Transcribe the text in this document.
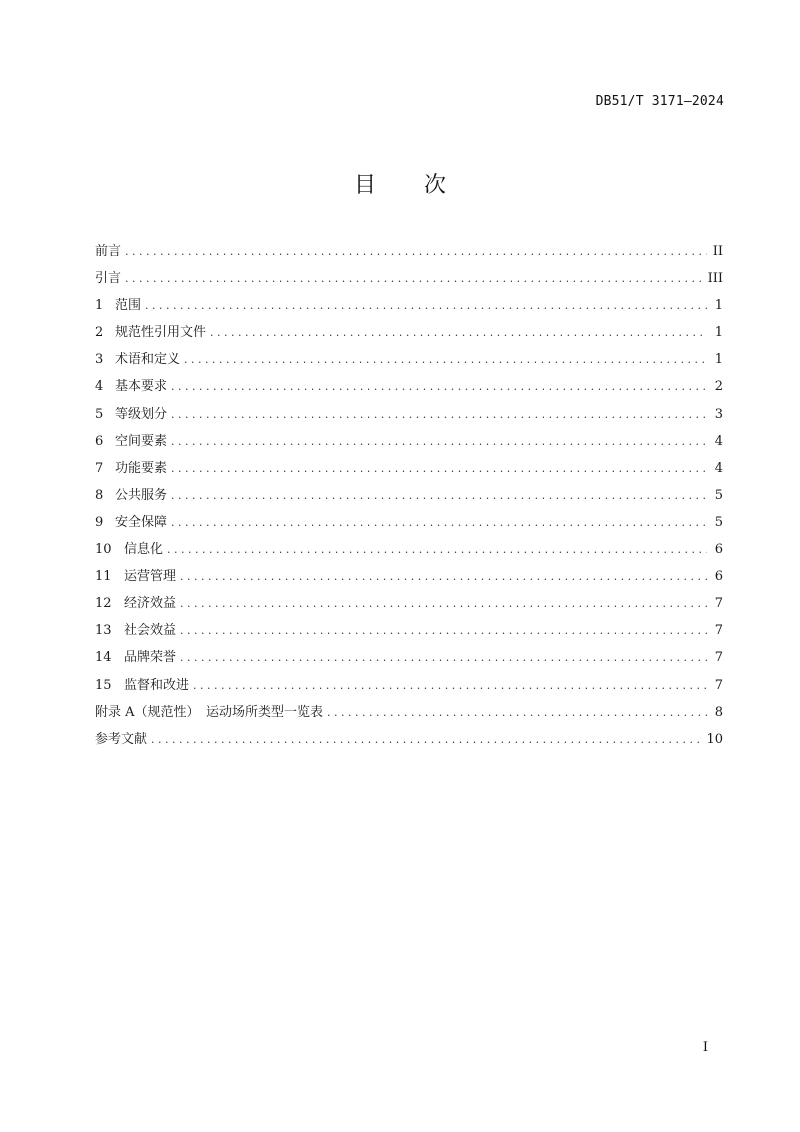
DB51/T 3171—2024
目 次
前言 . . .	II
引言 . . .	III
1 范围 . . .	1
2 规范性引用文件 . . .	1
3 术语和定义 . . .	1
4 基本要求 . . .	2
5 等级划分 . . .	3
6 空间要素 . . .	4
7 功能要素 . . .	4
8 公共服务 . . .	5
9 安全保障 . . .	5
10 信息化 . . .	6
11 运营管理 . . .	6
12 经济效益 . . .	7
13 社会效益 . . .	7
14 品牌荣誉 . . .	7
15 监督和改进 . . .	7
附录 A（规范性）　运动场所类型一览表 . . .	8
参考文献 . . .	10
I
